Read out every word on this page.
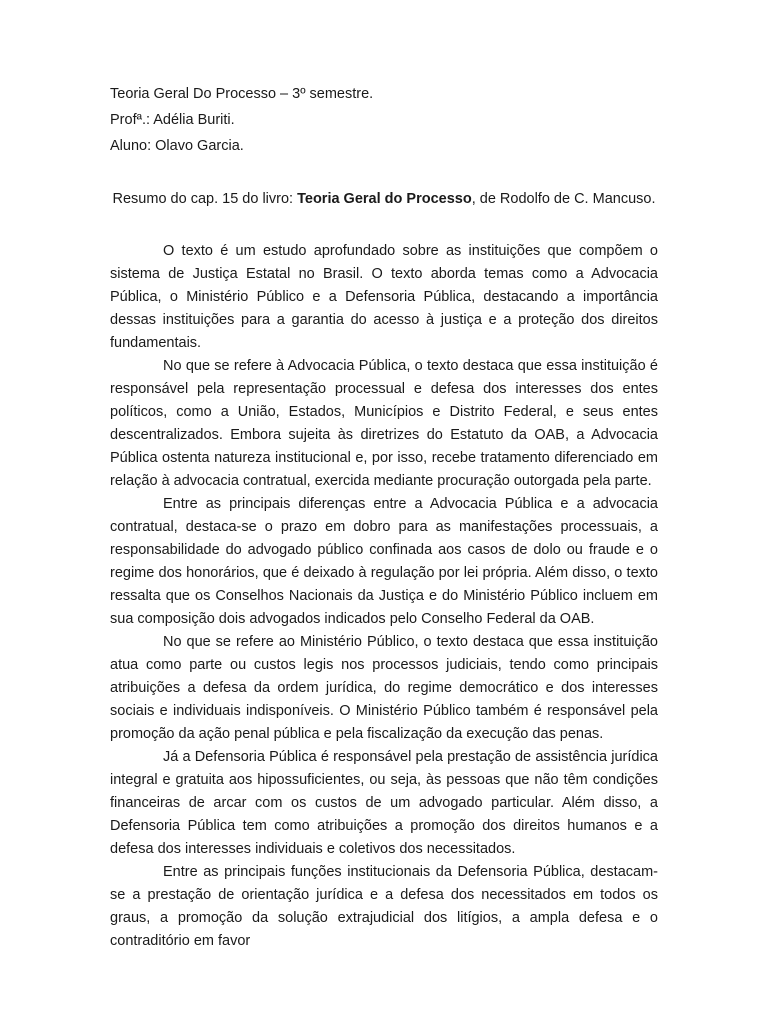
Teoria Geral Do Processo – 3º semestre.
Profª.: Adélia Buriti.
Aluno: Olavo Garcia.
Resumo do cap. 15 do livro: Teoria Geral do Processo, de Rodolfo de C. Mancuso.

O texto é um estudo aprofundado sobre as instituições que compõem o sistema de Justiça Estatal no Brasil. O texto aborda temas como a Advocacia Pública, o Ministério Público e a Defensoria Pública, destacando a importância dessas instituições para a garantia do acesso à justiça e a proteção dos direitos fundamentais.

No que se refere à Advocacia Pública, o texto destaca que essa instituição é responsável pela representação processual e defesa dos interesses dos entes políticos, como a União, Estados, Municípios e Distrito Federal, e seus entes descentralizados. Embora sujeita às diretrizes do Estatuto da OAB, a Advocacia Pública ostenta natureza institucional e, por isso, recebe tratamento diferenciado em relação à advocacia contratual, exercida mediante procuração outorgada pela parte.

Entre as principais diferenças entre a Advocacia Pública e a advocacia contratual, destaca-se o prazo em dobro para as manifestações processuais, a responsabilidade do advogado público confinada aos casos de dolo ou fraude e o regime dos honorários, que é deixado à regulação por lei própria. Além disso, o texto ressalta que os Conselhos Nacionais da Justiça e do Ministério Público incluem em sua composição dois advogados indicados pelo Conselho Federal da OAB.

No que se refere ao Ministério Público, o texto destaca que essa instituição atua como parte ou custos legis nos processos judiciais, tendo como principais atribuições a defesa da ordem jurídica, do regime democrático e dos interesses sociais e individuais indisponíveis. O Ministério Público também é responsável pela promoção da ação penal pública e pela fiscalização da execução das penas.

Já a Defensoria Pública é responsável pela prestação de assistência jurídica integral e gratuita aos hipossuficientes, ou seja, às pessoas que não têm condições financeiras de arcar com os custos de um advogado particular. Além disso, a Defensoria Pública tem como atribuições a promoção dos direitos humanos e a defesa dos interesses individuais e coletivos dos necessitados.

Entre as principais funções institucionais da Defensoria Pública, destacam-se a prestação de orientação jurídica e a defesa dos necessitados em todos os graus, a promoção da solução extrajudicial dos litígios, a ampla defesa e o contraditório em favor
